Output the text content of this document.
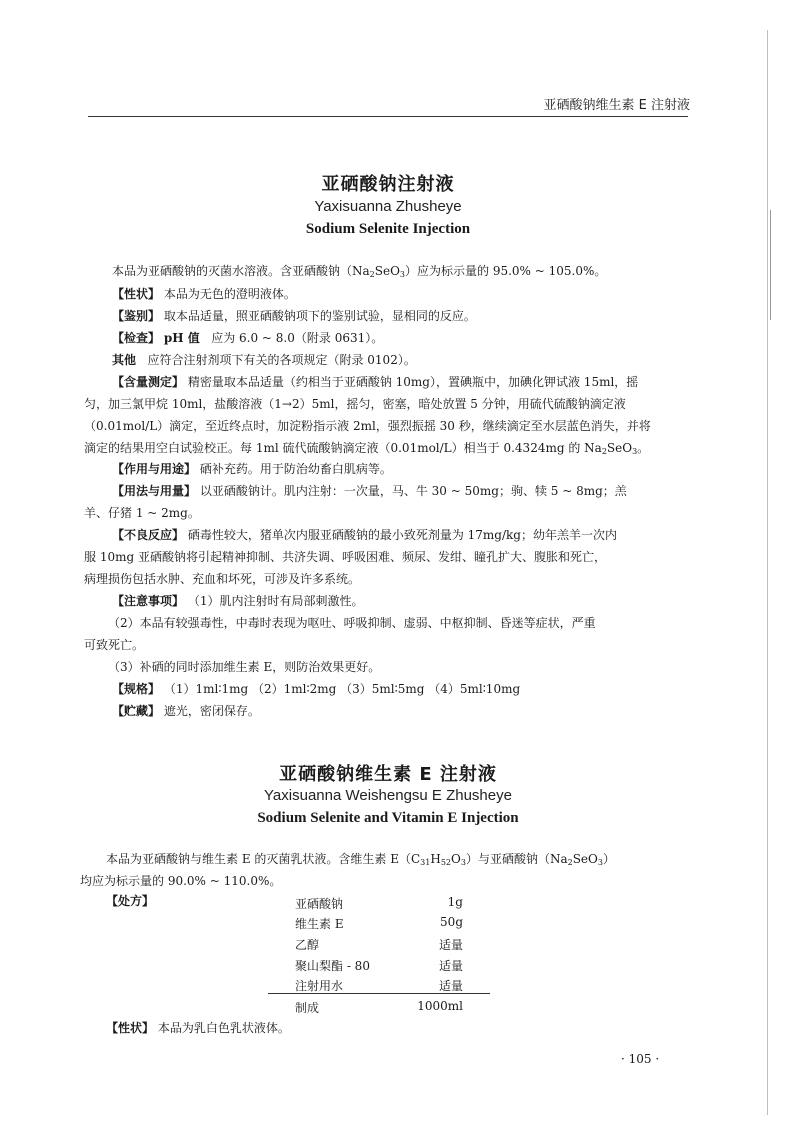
亚硒酸钠维生素 E 注射液
亚硒酸钠注射液
Yaxisuanna Zhusheye
Sodium Selenite Injection
本品为亚硒酸钠的灭菌水溶液。含亚硒酸钠$(Na_2SeO_3)$应为标示量的 95.0% ~ 105.0%。
【性状】 本品为无色的澄明液体。
【鉴别】 取本品适量，照亚硒酸钠项下的鉴别试验，显相同的反应。
【检查】 pH 值 应为 6.0 ~ 8.0（附录 0631）。
其他 应符合注射剂项下有关的各项规定（附录 0102）。
【含量测定】 精密量取本品适量（约相当于亚硒酸钠 10mg），置碘瓶中，加碘化钾试液 15ml，摇
匀，加三氯甲烷 10ml，盐酸溶液（1→2）5ml，摇匀，密塞，暗处放置 5 分钟，用硫代硫酸钠滴定液
（0.01mol/L）滴定，至近终点时，加淀粉指示液 2ml，强烈振摇 30 秒，继续滴定至水层蓝色消失，并将
滴定的结果用空白试验校正。每 1ml 硫代硫酸钠滴定液（0.01mol/L）相当于 0.4324mg 的 $Na_2SeO_3$。
【作用与用途】 硒补充药。用于防治幼畜白肌病等。
【用法与用量】 以亚硒酸钠计。肌内注射：一次量，马、牛 30 ~ 50mg；驹、犊 5 ~ 8mg；羔
羊、仔猪 1 ~ 2mg。
【不良反应】 硒毒性较大，猪单次内服亚硒酸钠的最小致死剂量为 17mg/kg；幼年羔羊一次内
服 10mg 亚硒酸钠将引起精神抑制、共济失调、呼吸困难、频尿、发绀、瞳孔扩大、腹胀和死亡，
病理损伤包括水肿、充血和坏死，可涉及许多系统。
【注意事项】 （1）肌内注射时有局部刺激性。
（2）本品有较强毒性，中毒时表现为呕吐、呼吸抑制、虚弱、中枢抑制、昏迷等症状，严重
可致死亡。
（3）补硒的同时添加维生素 E，则防治效果更好。
【规格】 （1）1ml∶1mg （2）1ml∶2mg （3）5ml∶5mg （4）5ml∶10mg
【贮藏】 遮光，密闭保存。
亚硒酸钠维生素 E 注射液
Yaxisuanna Weishengsu E Zhusheye
Sodium Selenite and Vitamin E Injection
本品为亚硒酸钠与维生素 E 的灭菌乳状液。含维生素 $E(C_{31}H_{52}O_3)$与亚硒酸钠$(Na_2SeO_3)$
均应为标示量的 90.0% ~ 110.0%。
【处方】	亚硒酸钠	1g
维生素 E	50g
乙醇	适量
聚山梨酯 - 80	适量
注射用水	适量
制成	1000ml
【性状】 本品为乳白色乳状液体。
· 105 ·
